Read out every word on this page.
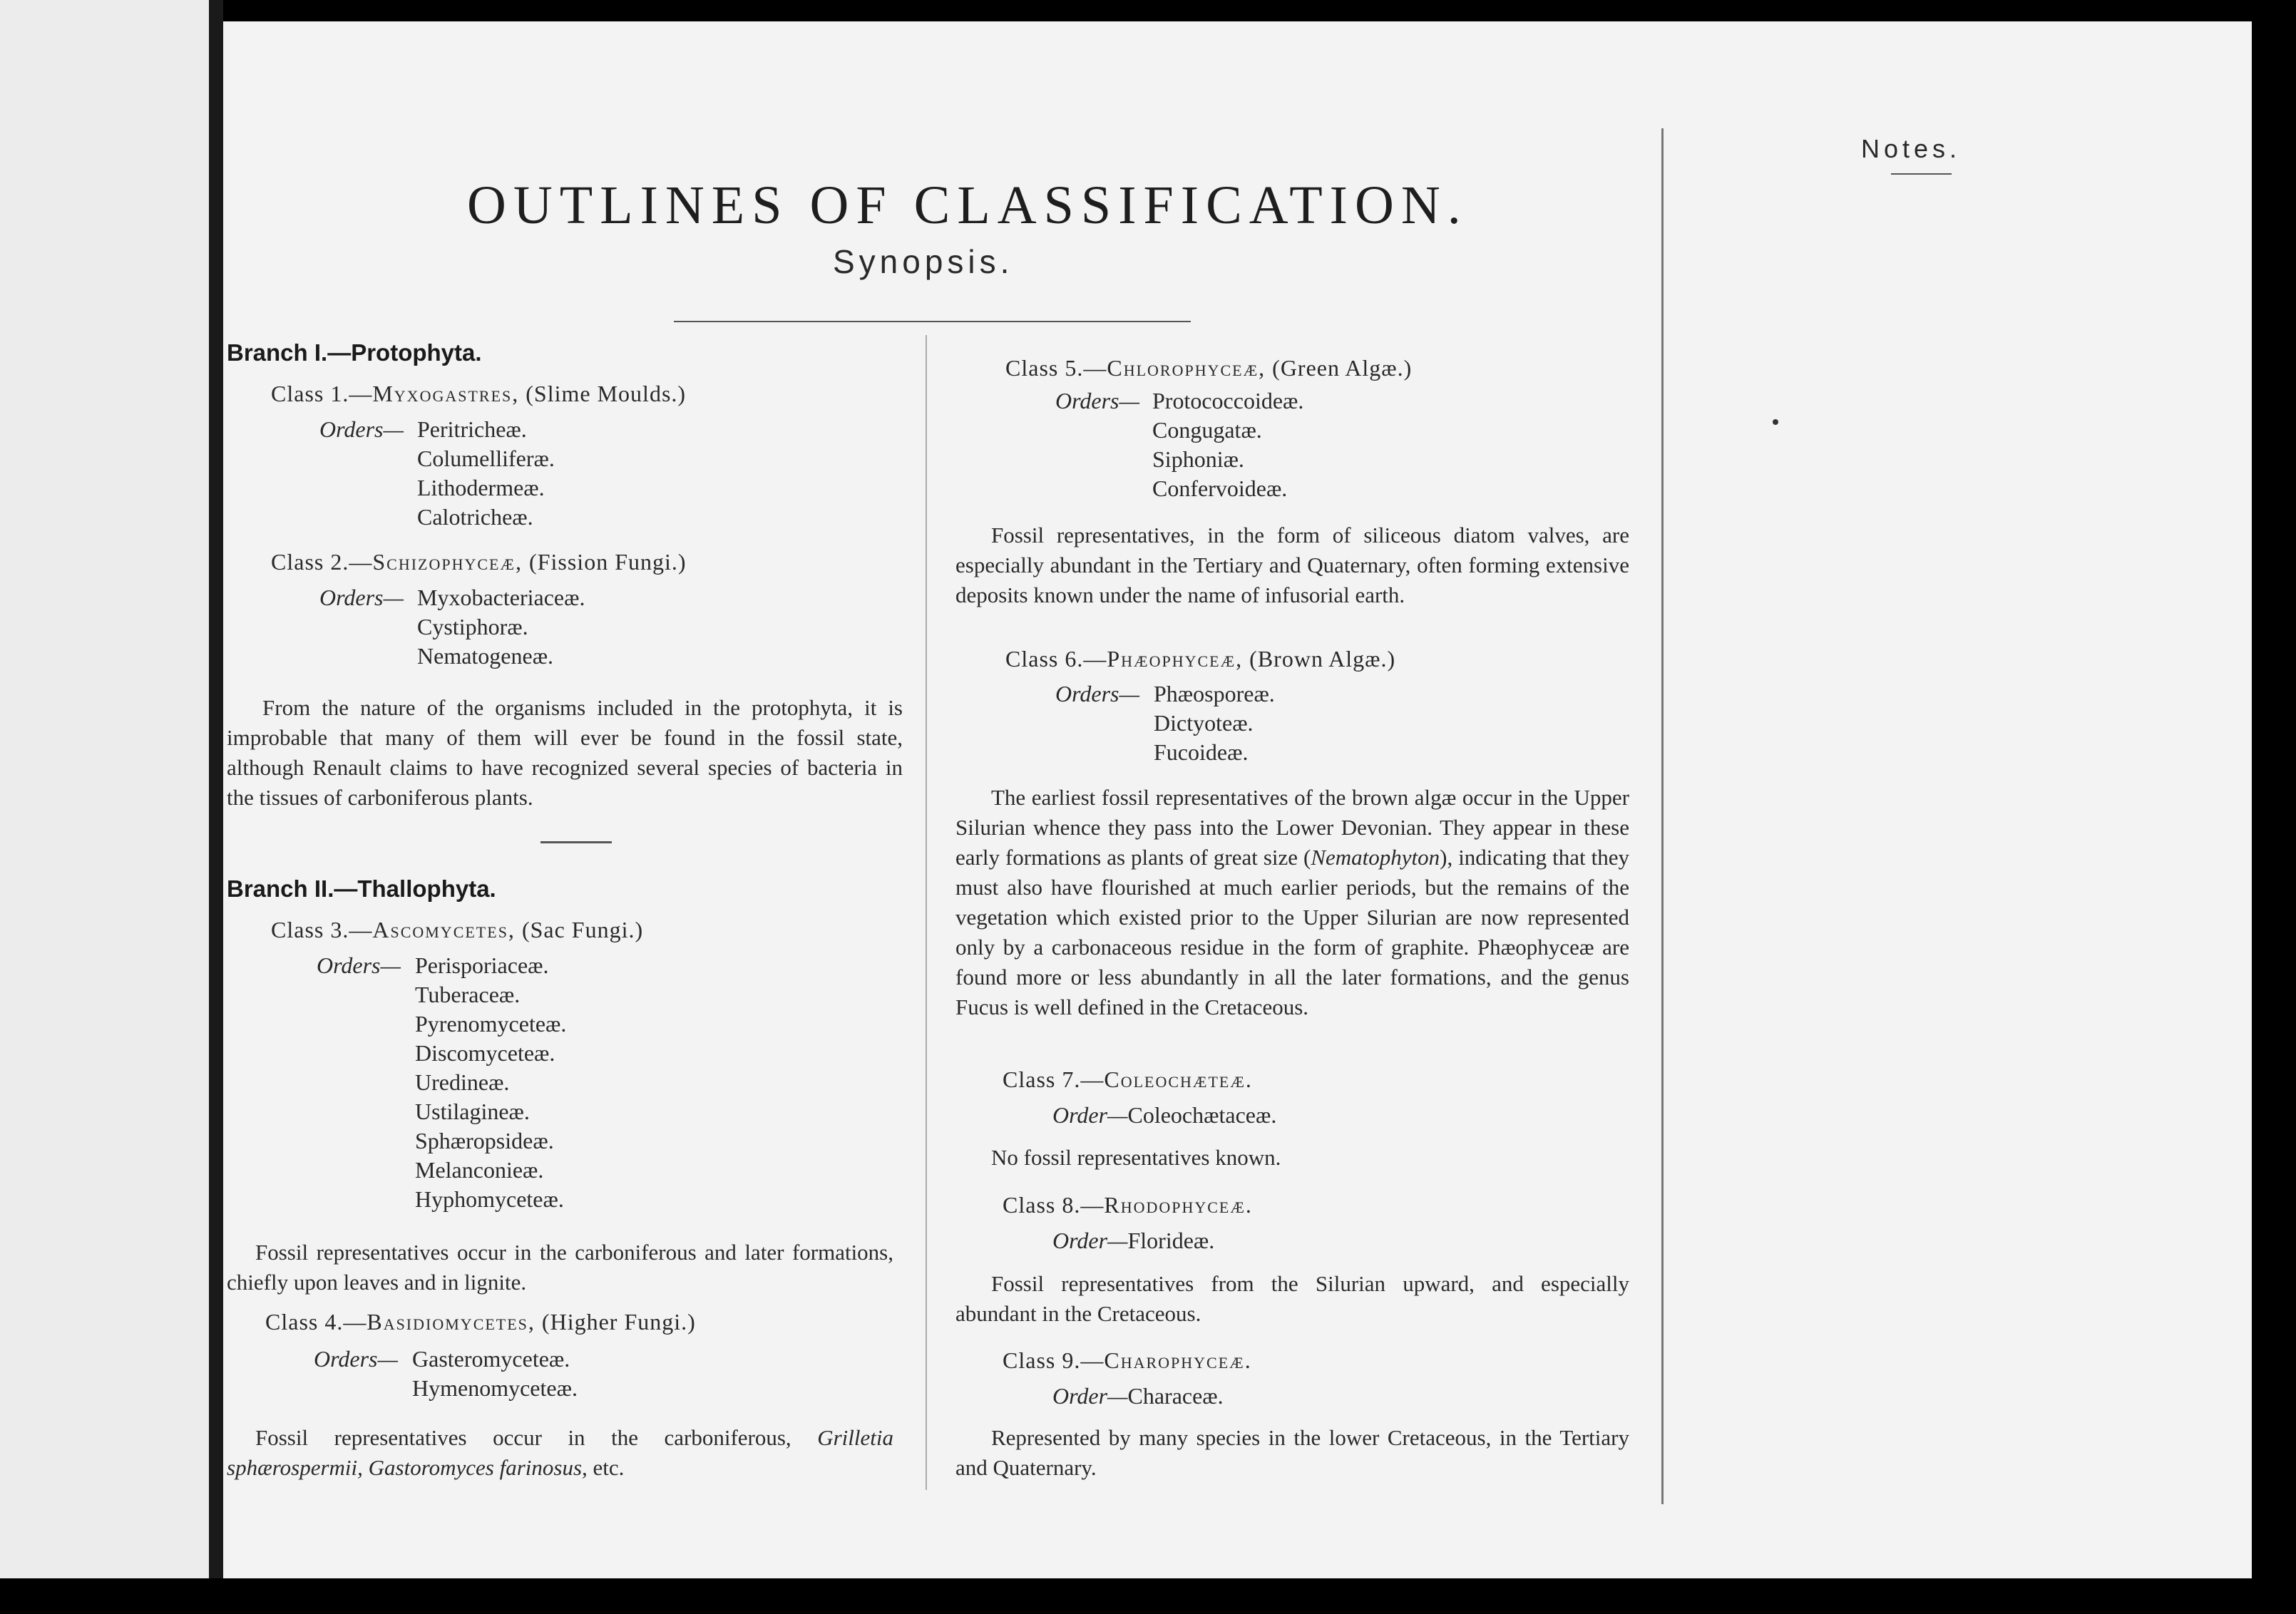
OUTLINES OF CLASSIFICATION.
Synopsis.
Notes.
Branch I.—Protophyta.
Class 1.—Myxogastres, (Slime Moulds.)
Orders— Peritricheæ.
Columelliferæ.
Lithodermeæ.
Calotricheæ.
Class 2.—Schizophyceæ, (Fission Fungi.)
Orders— Myxobacteriaceæ.
Cystiphoræ.
Nematogeneæ.
From the nature of the organisms included in the protophyta, it is improbable that many of them will ever be found in the fossil state, although Renault claims to have recognized several species of bacteria in the tissues of carboniferous plants.
Branch II.—Thallophyta.
Class 3.—Ascomycetes, (Sac Fungi.)
Orders— Perisporiaceæ.
Tuberaceæ.
Pyrenomyceteæ.
Discomyceteæ.
Uredineæ.
Ustilagineæ.
Sphæropsideæ.
Melanconieæ.
Hyphomyceteæ.
Fossil representatives occur in the carboniferous and later formations, chiefly upon leaves and in lignite.
Class 4.—Basidiomycetes, (Higher Fungi.)
Orders— Gasteromyceteæ.
Hymenomyceteæ.
Fossil representatives occur in the carboniferous, Grilletia sphærospermii, Gastoromyces farinosus, etc.
Class 5.—Chlorophyceæ, (Green Algæ.)
Orders— Protococcoideæ.
Congugatæ.
Siphoniæ.
Confervoideæ.
Fossil representatives, in the form of siliceous diatom valves, are especially abundant in the Tertiary and Quaternary, often forming extensive deposits known under the name of infusorial earth.
Class 6.—Phæophyceæ, (Brown Algæ.)
Orders— Phæosporeæ.
Dictyoteæ.
Fucoideæ.
The earliest fossil representatives of the brown algæ occur in the Upper Silurian whence they pass into the Lower Devonian. They appear in these early formations as plants of great size (Nematophyton), indicating that they must also have flourished at much earlier periods, but the remains of the vegetation which existed prior to the Upper Silurian are now represented only by a carbonaceous residue in the form of graphite. Phæophyceæ are found more or less abundantly in all the later formations, and the genus Fucus is well defined in the Cretaceous.
Class 7.—Coleochæteæ.
Order—Coleochætaceæ.
No fossil representatives known.
Class 8.—Rhodophyceæ.
Order—Florideæ.
Fossil representatives from the Silurian upward, and especially abundant in the Cretaceous.
Class 9.—Charophyceæ.
Order—Characeæ.
Represented by many species in the lower Cretaceous, in the Tertiary and Quaternary.
